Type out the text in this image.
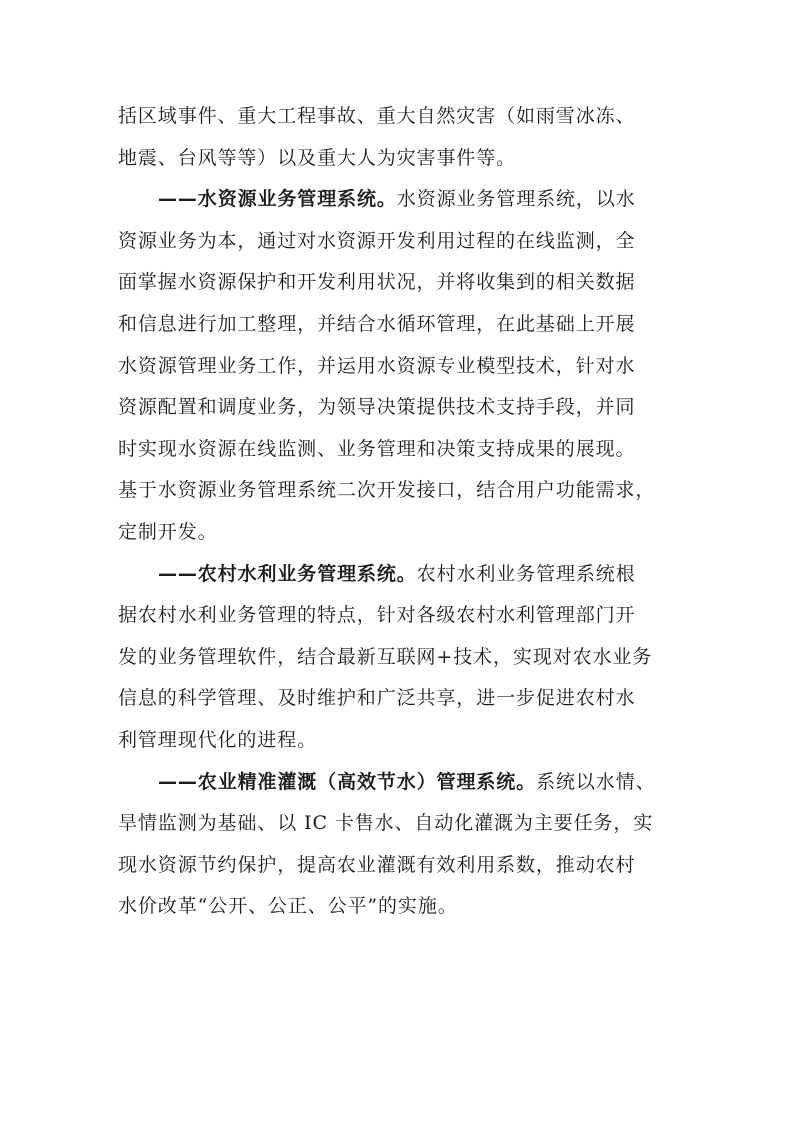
括区域事件、重大工程事故、重大自然灾害（如雨雪冰冻、
地震、台风等等）以及重大人为灾害事件等。
——水资源业务管理系统。水资源业务管理系统，以水
资源业务为本，通过对水资源开发利用过程的在线监测，全
面掌握水资源保护和开发利用状况，并将收集到的相关数据
和信息进行加工整理，并结合水循环管理，在此基础上开展
水资源管理业务工作，并运用水资源专业模型技术，针对水
资源配置和调度业务，为领导决策提供技术支持手段，并同
时实现水资源在线监测、业务管理和决策支持成果的展现。
基于水资源业务管理系统二次开发接口，结合用户功能需求，
定制开发。
——农村水利业务管理系统。农村水利业务管理系统根
据农村水利业务管理的特点，针对各级农村水利管理部门开
发的业务管理软件，结合最新互联网+技术，实现对农水业务
信息的科学管理、及时维护和广泛共享，进一步促进农村水
利管理现代化的进程。
——农业精准灌溉（高效节水）管理系统。系统以水情、
旱情监测为基础、以 IC 卡售水、自动化灌溉为主要任务，实
现水资源节约保护，提高农业灌溉有效利用系数，推动农村
水价改革“公开、公正、公平”的实施。
